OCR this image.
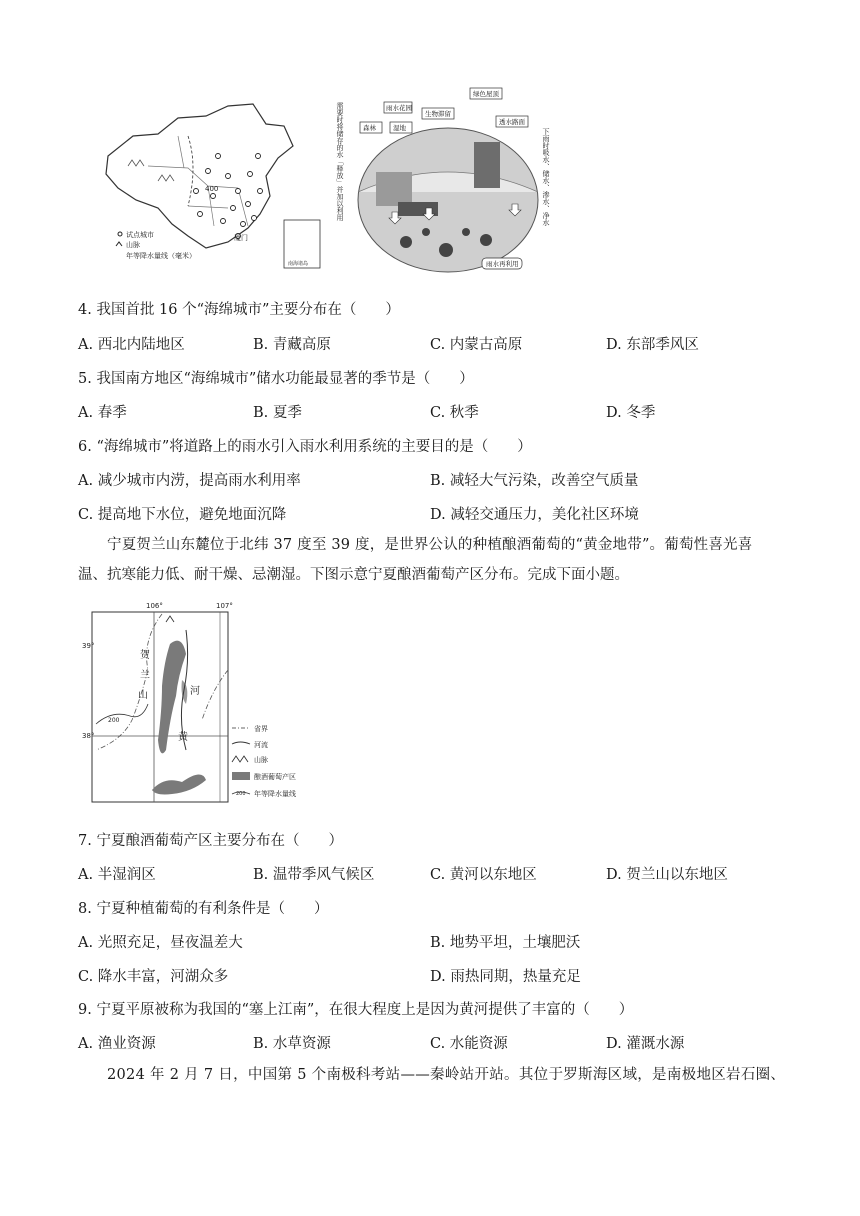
400
厦门
试点城市
山脉
年等降水量线（毫米）
南海诸岛
需要时将储存的水「释放」并加以利用	下雨时吸水、储水、渗水、净水
雨水花园
绿色屋顶
森林	湿地
生物滞留
透水路面
雨水再利用
4. 我国首批 16 个“海绵城市”主要分布在（　　）
A. 西北内陆地区	B. 青藏高原	C. 内蒙古高原	D. 东部季风区
5. 我国南方地区“海绵城市”储水功能最显著的季节是（　　）
A. 春季	B. 夏季	C. 秋季	D. 冬季
6. “海绵城市”将道路上的雨水引入雨水利用系统的主要目的是（　　）
A. 减少城市内涝，提高雨水利用率	B. 减轻大气污染，改善空气质量
C. 提高地下水位，避免地面沉降	D. 减轻交通压力，美化社区环境
宁夏贺兰山东麓位于北纬 37 度至 39 度，是世界公认的种植酿酒葡萄的“黄金地带”。葡萄性喜光喜
温、抗寒能力低、耐干燥、忌潮湿。下图示意宁夏酿酒葡萄产区分布。完成下面小题。
106°	107°
39°
38°
200
贺
兰
山
黄
河
省界
河流
山脉
酿酒葡萄产区
200 年等降水量线
7. 宁夏酿酒葡萄产区主要分布在（　　）
A. 半湿润区	B. 温带季风气候区	C. 黄河以东地区	D. 贺兰山以东地区
8. 宁夏种植葡萄的有利条件是（　　）
A. 光照充足，昼夜温差大	B. 地势平坦，土壤肥沃
C. 降水丰富，河湖众多	D. 雨热同期，热量充足
9. 宁夏平原被称为我国的“塞上江南”，在很大程度上是因为黄河提供了丰富的（　　）
A. 渔业资源	B. 水草资源	C. 水能资源	D. 灌溉水源
2024 年 2 月 7 日，中国第 5 个南极科考站——秦岭站开站。其位于罗斯海区域，是南极地区岩石圈、
